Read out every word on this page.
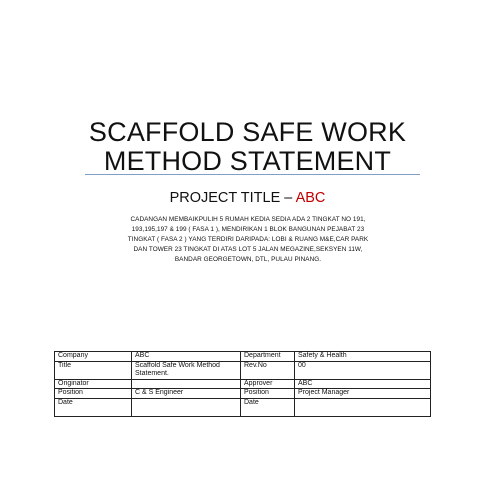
SCAFFOLD SAFE WORK
METHOD STATEMENT
PROJECT TITLE – ABC
CADANGAN MEMBAIKPULIH 5 RUMAH KEDIA SEDIA ADA 2 TINGKAT NO 191,
193,195,197 & 199 ( FASA 1 ), MENDIRIKAN 1 BLOK BANGUNAN PEJABAT 23
TINGKAT ( FASA 2 ) YANG TERDIRI DARIPADA: LOBI & RUANG M&E,CAR PARK
DAN TOWER 23 TINGKAT DI ATAS LOT 5 JALAN MEGAZINE,SEKSYEN 11W,
BANDAR GEORGETOWN, DTL, PULAU PINANG.
Company	ABC	Department	Safety & Health
Title	Scaffold Safe Work Method Statement.	Rev.No	00
Originator		Approver	ABC
Position	C & S Engineer	Position	Project Manager
Date		Date	
